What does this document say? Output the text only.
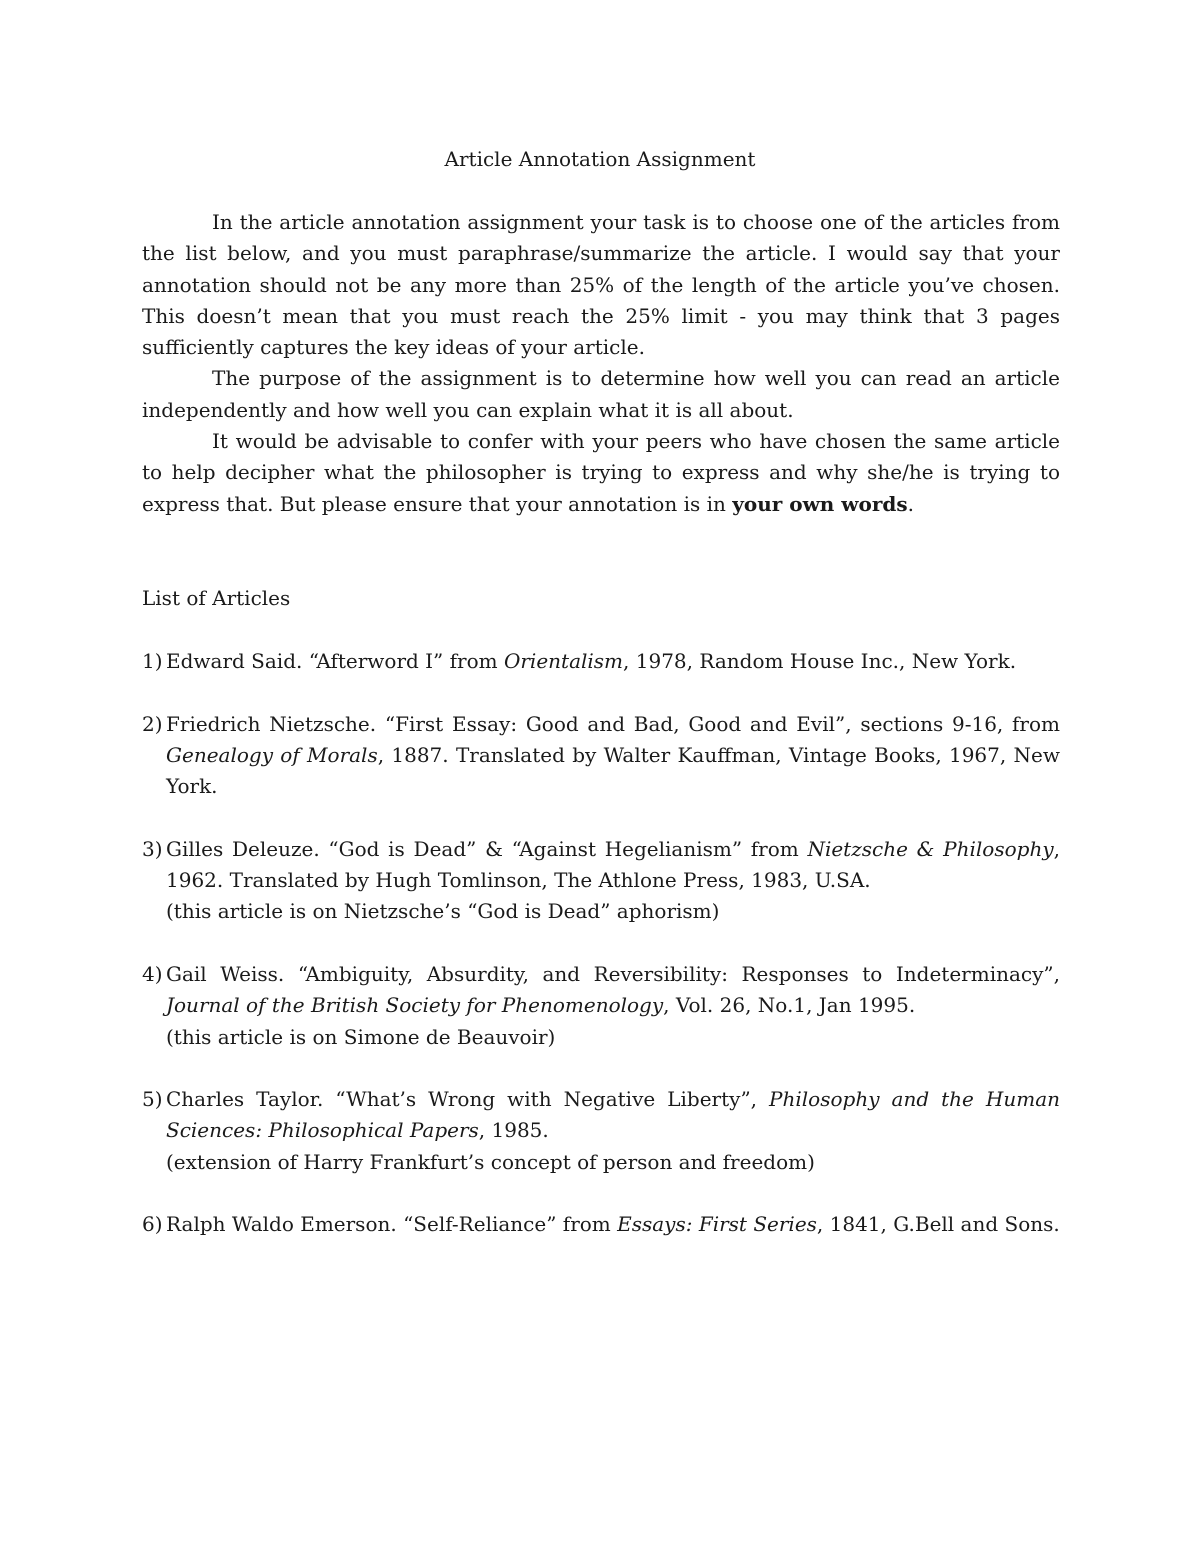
Article Annotation Assignment

In the article annotation assignment your task is to choose one of the articles from the list below, and you must paraphrase/summarize the article. I would say that your annotation should not be any more than 25% of the length of the article you’ve chosen. This doesn’t mean that you must reach the 25% limit - you may think that 3 pages sufficiently captures the key ideas of your article.

The purpose of the assignment is to determine how well you can read an article independently and how well you can explain what it is all about.

It would be advisable to confer with your peers who have chosen the same article to help decipher what the philosopher is trying to express and why she/he is trying to express that. But please ensure that your annotation is in your own words.

List of Articles
1) Edward Said. “Afterword I” from Orientalism, 1978, Random House Inc., New York.
2) Friedrich Nietzsche. “First Essay: Good and Bad, Good and Evil”, sections 9-16, from Genealogy of Morals, 1887. Translated by Walter Kauffman, Vintage Books, 1967, New York.
3) Gilles Deleuze. “God is Dead” & “Against Hegelianism” from Nietzsche & Philosophy, 1962. Translated by Hugh Tomlinson, The Athlone Press, 1983, U.SA.
(this article is on Nietzsche’s “God is Dead” aphorism)
4) Gail Weiss. “Ambiguity, Absurdity, and Reversibility: Responses to Indeterminacy”, Journal of the British Society for Phenomenology, Vol. 26, No.1, Jan 1995.
(this article is on Simone de Beauvoir)
5) Charles Taylor. “What’s Wrong with Negative Liberty”, Philosophy and the Human Sciences: Philosophical Papers, 1985.
(extension of Harry Frankfurt’s concept of person and freedom)
6) Ralph Waldo Emerson. “Self-Reliance” from Essays: First Series, 1841, G.Bell and Sons.
